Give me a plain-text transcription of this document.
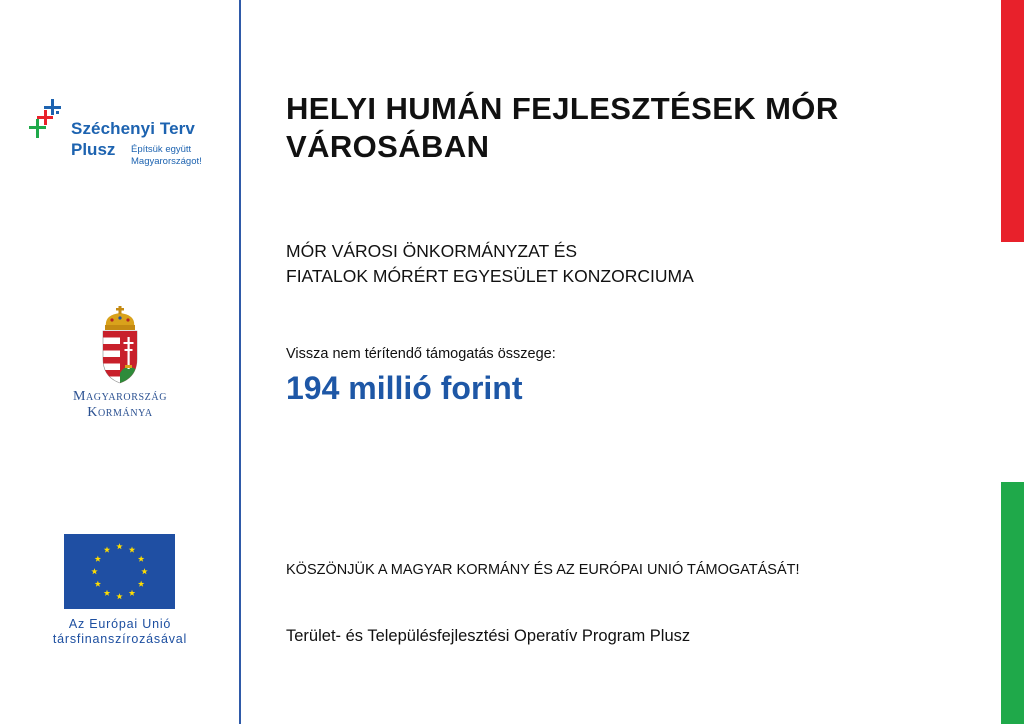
Széchenyi Terv
Plusz Építsük együtt
Magyarországot!
Magyarország
Kormánya
Az Európai Unió
társfinanszírozásával
HELYI HUMÁN FEJLESZTÉSEK MÓR VÁROSÁBAN
MÓR VÁROSI ÖNKORMÁNYZAT ÉS
FIATALOK MÓRÉRT EGYESÜLET KONZORCIUMA
Vissza nem térítendő támogatás összege:
194 millió forint
KÖSZÖNJÜK A MAGYAR KORMÁNY ÉS AZ EURÓPAI UNIÓ TÁMOGATÁSÁT!
Terület- és Településfejlesztési Operatív Program Plusz
